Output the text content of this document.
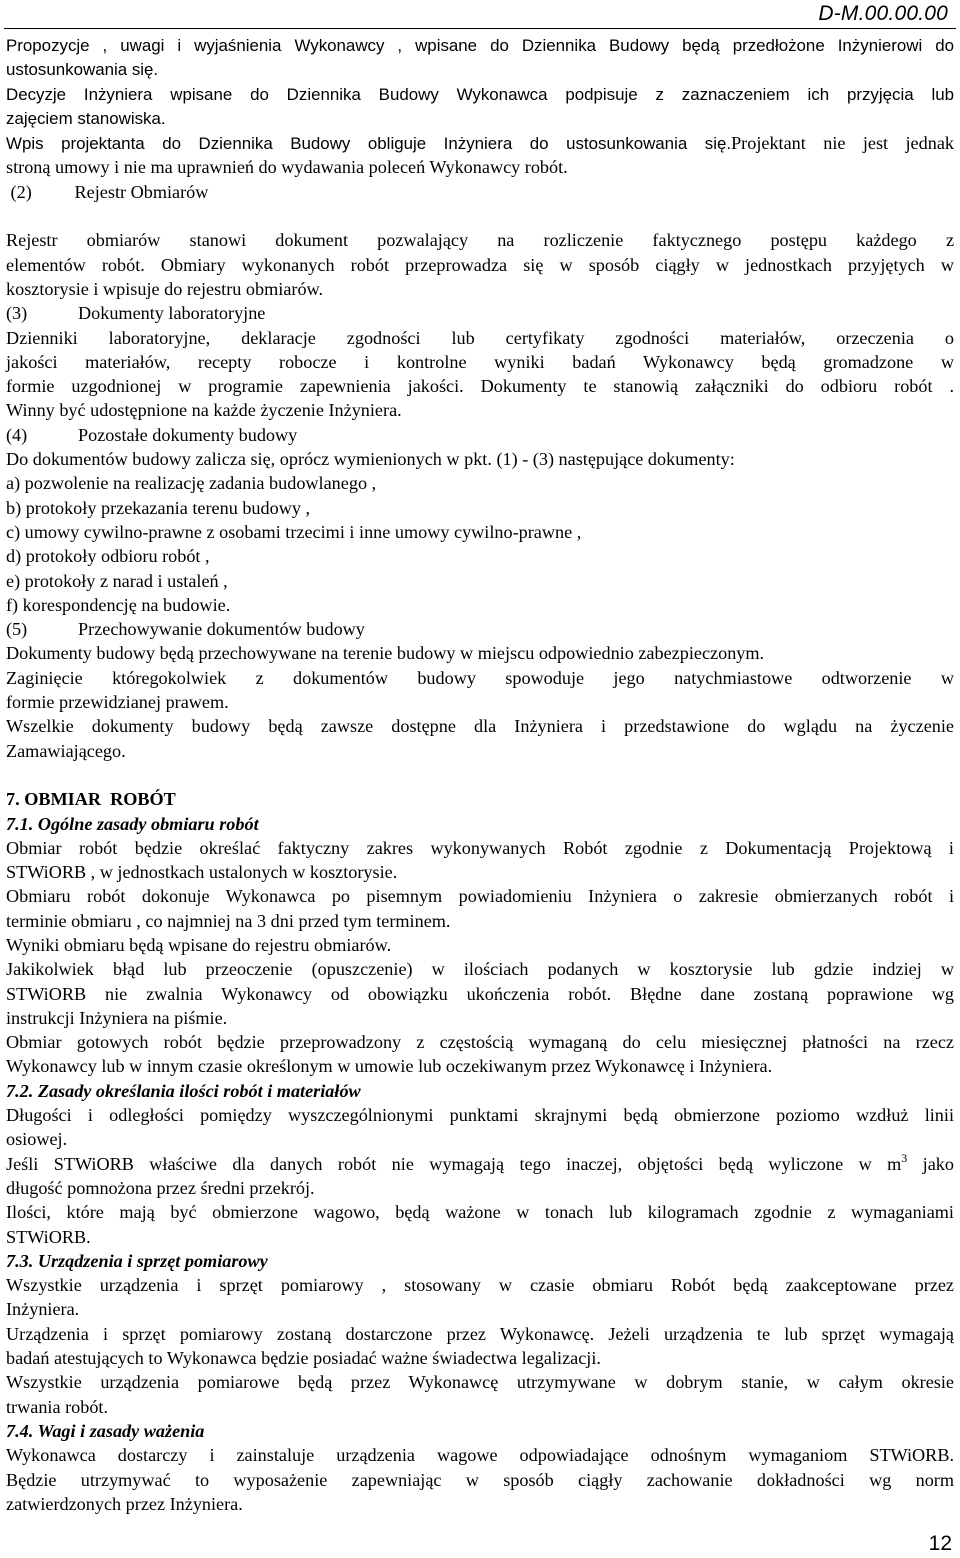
D-M.00.00.00
Propozycje , uwagi i wyjaśnienia Wykonawcy , wpisane do Dziennika Budowy będą przedłożone Inżynierowi do
ustosunkowania się.
Decyzje Inżyniera wpisane do Dziennika Budowy Wykonawca podpisuje z zaznaczeniem ich przyjęcia lub
zajęciem stanowiska.
Wpis projektanta do Dziennika Budowy obliguje Inżyniera do ustosunkowania się.Projektant nie jest jednak
stroną umowy i nie ma uprawnień do wydawania poleceń Wykonawcy robót.
(2) Rejestr Obmiarów
Rejestr obmiarów stanowi dokument pozwalający na rozliczenie faktycznego postępu każdego z
elementów robót. Obmiary wykonanych robót przeprowadza się w sposób ciągły w jednostkach przyjętych w
kosztorysie i wpisuje do rejestru obmiarów.
(3)	Dokumenty laboratoryjne
Dzienniki laboratoryjne, deklaracje zgodności lub certyfikaty zgodności materiałów, orzeczenia o
jakości materiałów, recepty robocze i kontrolne wyniki badań Wykonawcy będą gromadzone w
formie uzgodnionej w programie zapewnienia jakości. Dokumenty te stanowią załączniki do odbioru robót .
Winny być udostępnione na każde życzenie Inżyniera.
(4)	Pozostałe dokumenty budowy
Do dokumentów budowy zalicza się, oprócz wymienionych w pkt. (1) - (3) następujące dokumenty:
a) pozwolenie na realizację zadania budowlanego ,
b) protokoły przekazania terenu budowy ,
c) umowy cywilno-prawne z osobami trzecimi i inne umowy cywilno-prawne ,
d) protokoły odbioru robót ,
e) protokoły z narad i ustaleń ,
f) korespondencję na budowie.
(5)	Przechowywanie dokumentów budowy
Dokumenty budowy będą przechowywane na terenie budowy w miejscu odpowiednio zabezpieczonym.
Zaginięcie któregokolwiek z dokumentów budowy spowoduje jego natychmiastowe odtworzenie w
formie przewidzianej prawem.
Wszelkie dokumenty budowy będą zawsze dostępne dla Inżyniera i przedstawione do wglądu na życzenie
Zamawiającego.
7. OBMIAR  ROBÓT
7.1. Ogólne zasady obmiaru robót
Obmiar robót będzie określać faktyczny zakres wykonywanych Robót zgodnie z Dokumentacją Projektową i
STWiORB , w jednostkach ustalonych w kosztorysie.
Obmiaru robót dokonuje Wykonawca po pisemnym powiadomieniu Inżyniera o zakresie obmierzanych robót i
terminie obmiaru , co najmniej na 3 dni przed tym terminem.
Wyniki obmiaru będą wpisane do rejestru obmiarów.
Jakikolwiek błąd lub przeoczenie (opuszczenie) w ilościach podanych w kosztorysie lub gdzie indziej w
STWiORB nie zwalnia Wykonawcy od obowiązku ukończenia robót. Błędne dane zostaną poprawione wg
instrukcji Inżyniera na piśmie.
Obmiar gotowych robót będzie przeprowadzony z częstością wymaganą do celu miesięcznej płatności na rzecz
Wykonawcy lub w innym czasie określonym w umowie lub oczekiwanym przez Wykonawcę i Inżyniera.
7.2. Zasady określania ilości robót i materiałów
Długości i odległości pomiędzy wyszczególnionymi punktami skrajnymi będą obmierzone poziomo wzdłuż linii
osiowej.
Jeśli STWiORB właściwe dla danych robót nie wymagają tego inaczej, objętości będą wyliczone w $m^3$ jako
długość pomnożona przez średni przekrój.
Ilości, które mają być obmierzone wagowo, będą ważone w tonach lub kilogramach zgodnie z wymaganiami
STWiORB.
7.3. Urządzenia i sprzęt pomiarowy
Wszystkie urządzenia i sprzęt pomiarowy , stosowany w czasie obmiaru Robót będą zaakceptowane przez
Inżyniera.
Urządzenia i sprzęt pomiarowy zostaną dostarczone przez Wykonawcę. Jeżeli urządzenia te lub sprzęt wymagają
badań atestujących to Wykonawca będzie posiadać ważne świadectwa legalizacji.
Wszystkie urządzenia pomiarowe będą przez Wykonawcę utrzymywane w dobrym stanie, w całym okresie
trwania robót.
7.4. Wagi i zasady ważenia
Wykonawca dostarczy i zainstaluje urządzenia wagowe odpowiadające odnośnym wymaganiom STWiORB.
Będzie utrzymywać to wyposażenie zapewniając w sposób ciągły zachowanie dokładności wg norm
zatwierdzonych przez Inżyniera.
12
